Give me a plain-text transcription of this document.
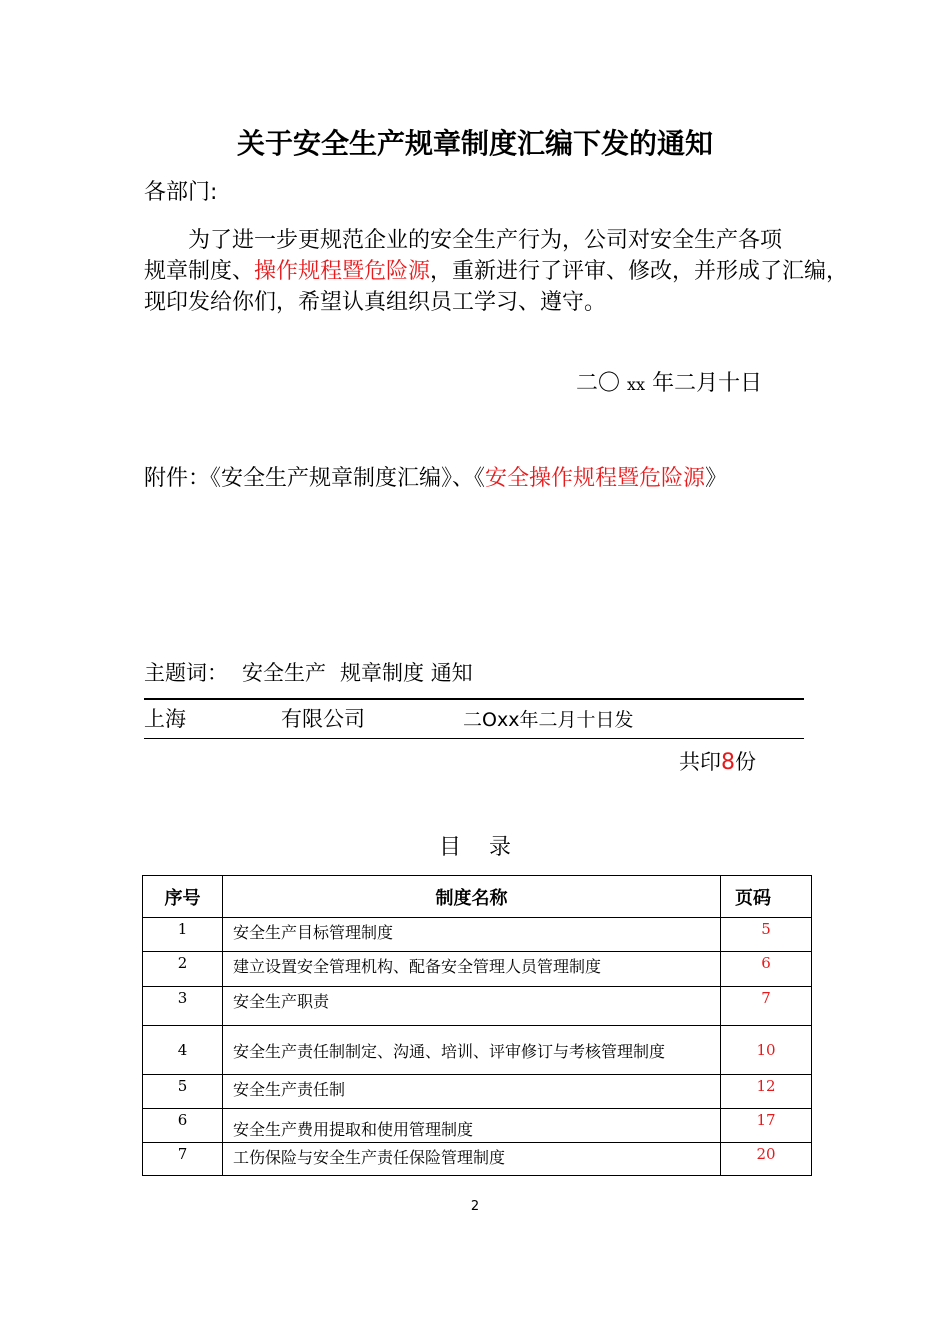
关于安全生产规章制度汇编下发的通知
各部门:
为了进一步更规范企业的安全生产行为，公司对安全生产各项
规章制度、操作规程暨危险源，重新进行了评审、修改，并形成了汇编，
现印发给你们，希望认真组织员工学习、遵守。
二〇 xx 年二月十日
附件：《安全生产规章制度汇编》、《安全操作规程暨危险源》
主题词： 安全生产 规章制度 通知
上海	有限公司	二Oxx年二月十日发
共印8份
目录
序号	制度名称	页码
1	安全生产目标管理制度	5
2	建立设置安全管理机构、配备安全管理人员管理制度	6
3	安全生产职责	7
4	安全生产责任制制定、沟通、培训、评审修订与考核管理制度	10
5	安全生产责任制	12
6	安全生产费用提取和使用管理制度	17
7	工伤保险与安全生产责任保险管理制度	20
2
